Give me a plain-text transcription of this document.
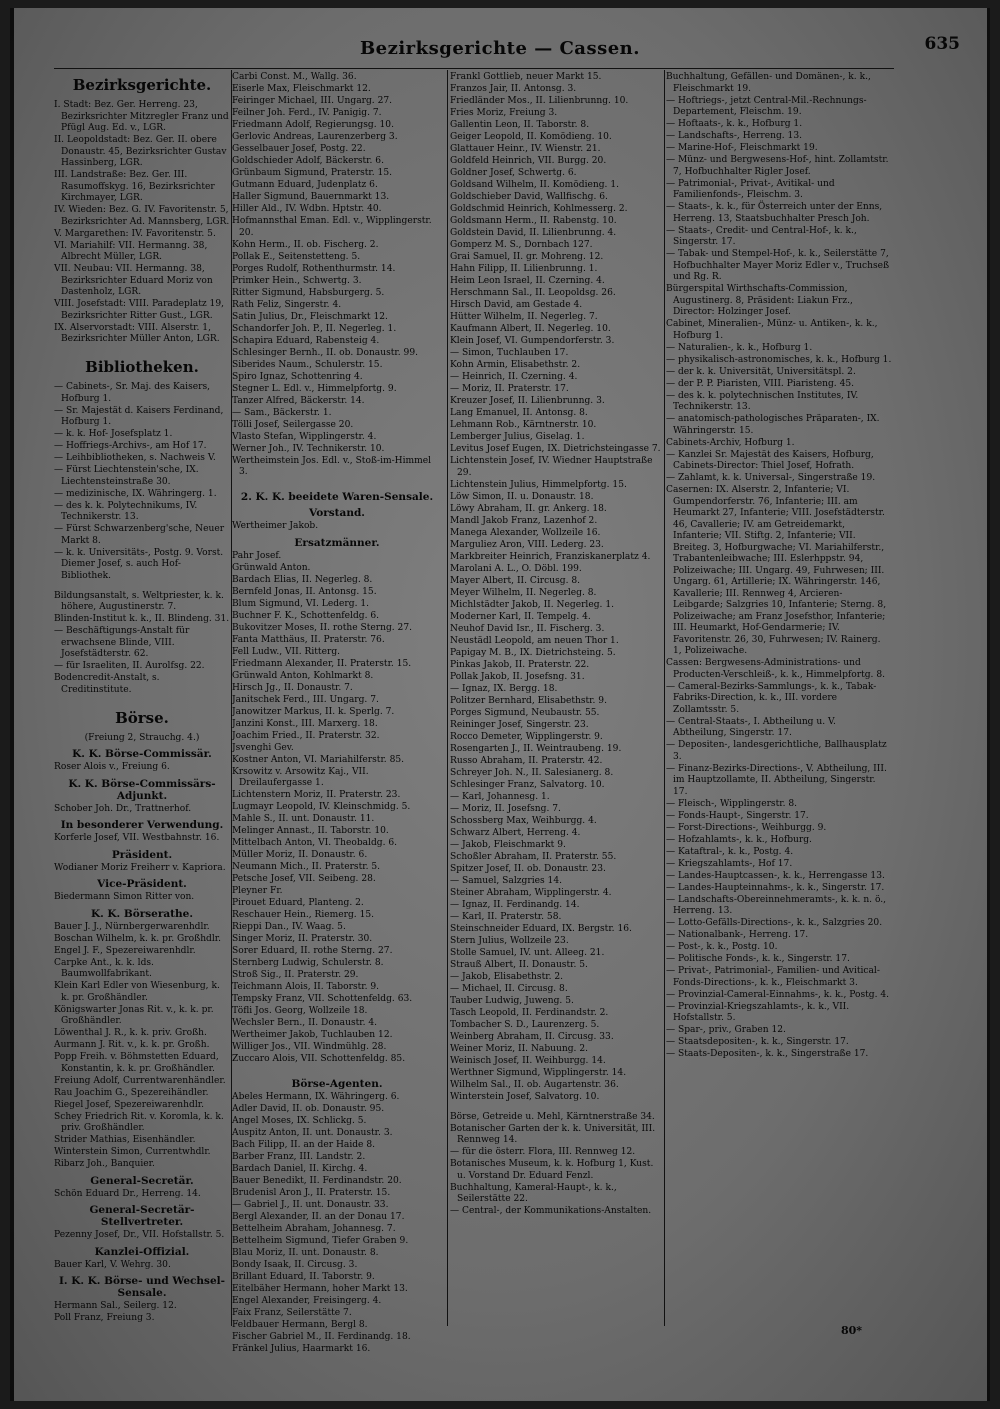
Bezirksgerichte — Cassen.	635
Bezirksgerichte.

I. Stadt: Bez. Ger. Herreng. 23, Bezirksrichter Mitzregler Franz und Pfügl Aug. Ed. v., LGR.

II. Leopoldstadt: Bez. Ger. II. obere Donaustr. 45, Bezirksrichter Gustav Hassinberg, LGR.

III. Landstraße: Bez. Ger. III. Rasumoffskyg. 16, Bezirksrichter Kirchmayer, LGR.

IV. Wieden: Bez. G. IV. Favoritenstr. 5, Bezirksrichter Ad. Mannsberg, LGR.

V. Margarethen: IV. Favoritenstr. 5.

VI. Mariahilf: VII. Hermanng. 38, Albrecht Müller, LGR.

VII. Neubau: VII. Hermanng. 38, Bezirksrichter Eduard Moriz von Dastenholz, LGR.

VIII. Josefstadt: VIII. Paradeplatz 19, Bezirksrichter Ritter Gust., LGR.

IX. Alservorstadt: VIII. Alserstr. 1, Bezirksrichter Müller Anton, LGR.

Bibliotheken.

— Cabinets-, Sr. Maj. des Kaisers, Hofburg 1.

— Sr. Majestät d. Kaisers Ferdinand, Hofburg 1.

— k. k. Hof- Josefsplatz 1.

— Hoffriegs-Archivs-, am Hof 17.

— Leihbibliotheken, s. Nachweis V.

— Fürst Liechtenstein'sche, IX. Liechtensteinstraße 30.

— medizinische, IX. Währingerg. 1.

— des k. k. Polytechnikums, IV. Technikerstr. 13.

— Fürst Schwarzenberg'sche, Neuer Markt 8.

— k. k. Universitäts-, Postg. 9. Vorst. Diemer Josef, s. auch Hof-Bibliothek.

Bildungsanstalt, s. Weltpriester, k. k. höhere, Augustinerstr. 7.

Blinden-Institut k. k., II. Blindeng. 31.

— Beschäftigungs-Anstalt für erwachsene Blinde, VIII. Josefstädterstr. 62.

— für Israeliten, II. Aurolfsg. 22.

Bodencredit-Anstalt, s. Creditinstitute.

Börse.

(Freiung 2, Strauchg. 4.)

K. K. Börse-Commissär.

Roser Alois v., Freiung 6.

K. K. Börse-Commissärs-Adjunkt.

Schober Joh. Dr., Trattnerhof.

In besonderer Verwendung.

Korferle Josef, VII. Westbahnstr. 16.

Präsident.

Wodianer Moriz Freiherr v. Kapriora.

Vice-Präsident.

Biedermann Simon Ritter von.

K. K. Börserathe.

Bauer J. J., Nürnbergerwarenhdlr.

Boschan Wilhelm, k. k. pr. Großhdlr.

Engel J. F., Spezereiwarenhdlr.

Carpke Ant., k. k. lds. Baumwollfabrikant.

Klein Karl Edler von Wiesenburg, k. k. pr. Großhändler.

Königswarter Jonas Rit. v., k. k. pr. Großhändler.

Löwenthal J. R., k. k. priv. Großh.

Aurmann J. Rit. v., k. k. pr. Großh.

Popp Freih. v. Böhmstetten Eduard, Konstantin, k. k. pr. Großhändler.

Freiung Adolf, Currentwarenhändler.

Rau Joachim G., Spezereihändler.

Riegel Josef, Spezereiwarenhdlr.

Schey Friedrich Rit. v. Koromla, k. k. priv. Großhändler.

Strider Mathias, Eisenhändler.

Winterstein Simon, Currentwhdlr.

Ribarz Joh., Banquier.

General-Secretär.

Schön Eduard Dr., Herreng. 14.

General-Secretär-Stellvertreter.

Pezenny Josef, Dr., VII. Hofstallstr. 5.

Kanzlei-Offizial.

Bauer Karl, V. Wehrg. 30.

I. K. K. Börse- und Wechsel-Sensale.

Hermann Sal., Seilerg. 12.

Poll Franz, Freiung 3.

Carbi Const. M., Wallg. 36.

Eiserle Max, Fleischmarkt 12.

Feiringer Michael, III. Ungarg. 27.

Feilner Joh. Ferd., IV. Panigig. 7.

Friedmann Adolf, Regierungsg. 10.

Gerlovic Andreas, Laurenzerberg 3.

Gesselbauer Josef, Postg. 22.

Goldschieder Adolf, Bäckerstr. 6.

Grünbaum Sigmund, Praterstr. 15.

Gutmann Eduard, Judenplatz 6.

Haller Sigmund, Bauernmarkt 13.

Hiller Ald., IV. Wdbn. Hptstr. 40.

Hofmannsthal Eman. Edl. v., Wipplingerstr. 20.

Kohn Herm., II. ob. Fischerg. 2.

Pollak E., Seitenstetteng. 5.

Porges Rudolf, Rothenthurmstr. 14.

Primker Hein., Schwertg. 3.

Ritter Sigmund, Habsburgerg. 5.

Rath Feliz, Singerstr. 4.

Satin Julius, Dr., Fleischmarkt 12.

Schandorfer Joh. P., II. Negerleg. 1.

Schapira Eduard, Rabensteig 4.

Schlesinger Bernh., II. ob. Donaustr. 99.

Siberides Naum., Schulerstr. 15.

Spiro Ignaz, Schottenring 4.

Stegner L. Edl. v., Himmelpfortg. 9.

Tanzer Alfred, Bäckerstr. 14.

— Sam., Bäckerstr. 1.

Tölli Josef, Seilergasse 20.

Vlasto Stefan, Wipplingerstr. 4.

Werner Joh., IV. Technikerstr. 10.

Wertheimstein Jos. Edl. v., Stoß-im-Himmel 3.

2. K. K. beeidete Waren-Sensale.
Vorstand.

Wertheimer Jakob.

Ersatzmänner.

Pahr Josef.

Grünwald Anton.

Bardach Elias, II. Negerleg. 8.

Bernfeld Jonas, II. Antonsg. 15.

Blum Sigmund, VI. Lederg. 1.

Buchner F. K., Schottenfeldg. 6.

Bukovitzer Moses, II. rothe Sterng. 27.

Fanta Matthäus, II. Praterstr. 76.

Fell Ludw., VII. Ritterg.

Friedmann Alexander, II. Praterstr. 15.

Grünwald Anton, Kohlmarkt 8.

Hirsch Jg., II. Donaustr. 7.

Janitschek Ferd., III. Ungarg. 7.

Janowitzer Markus, II. k. Sperlg. 7.

Janzini Konst., III. Marxerg. 18.

Joachim Fried., II. Praterstr. 32.

Jsvenghi Gev.

Kostner Anton, VI. Mariahilferstr. 85.

Krsowitz v. Arsowitz Kaj., VII. Dreilaufergasse 1.

Lichtenstern Moriz, II. Praterstr. 23.

Lugmayr Leopold, IV. Kleinschmidg. 5.

Mahle S., II. unt. Donaustr. 11.

Melinger Annast., II. Taborstr. 10.

Mittelbach Anton, VI. Theobaldg. 6.

Müller Moriz, II. Donaustr. 6.

Neumann Mich., II. Praterstr. 5.

Petsche Josef, VII. Seibeng. 28.

Pleyner Fr.

Pirouet Eduard, Planteng. 2.

Reschauer Hein., Riemerg. 15.

Rieppi Dan., IV. Waag. 5.

Singer Moriz, II. Praterstr. 30.

Sorer Eduard, II. rothe Sterng. 27.

Sternberg Ludwig, Schulerstr. 8.

Stroß Sig., II. Praterstr. 29.

Teichmann Alois, II. Taborstr. 9.

Tempsky Franz, VII. Schottenfeldg. 63.

Töfli Jos. Georg, Wollzeile 18.

Wechsler Bern., II. Donaustr. 4.

Wertheimer Jakob, Tuchlauben 12.

Williger Jos., VII. Windmühlg. 28.

Zuccaro Alois, VII. Schottenfeldg. 85.

Börse-Agenten.

Abeles Hermann, IX. Währingerg. 6.

Adler David, II. ob. Donaustr. 95.

Angel Moses, IX. Schlickg. 5.

Auspitz Anton, II. unt. Donaustr. 3.

Bach Filipp, II. an der Haide 8.

Barber Franz, III. Landstr. 2.

Bardach Daniel, II. Kirchg. 4.

Bauer Benedikt, II. Ferdinandstr. 20.

Brudenisl Aron J., II. Praterstr. 15.

— Gabriel J., II. unt. Donaustr. 33.

Bergl Alexander, II. an der Donau 17.

Bettelheim Abraham, Johannesg. 7.

Bettelheim Sigmund, Tiefer Graben 9.

Blau Moriz, II. unt. Donaustr. 8.

Bondy Isaak, II. Circusg. 3.

Brillant Eduard, II. Taborstr. 9.

Eitelbäher Hermann, hoher Markt 13.

Engel Alexander, Freisingerg. 4.

Faix Franz, Seilerstätte 7.

Feldbauer Hermann, Bergl 8.

Fischer Gabriel M., II. Ferdinandg. 18.

Fränkel Julius, Haarmarkt 16.

Frankl Gottlieb, neuer Markt 15.

Franzos Jair, II. Antonsg. 3.

Friedländer Mos., II. Lilienbrunng. 10.

Fries Moriz, Freiung 3.

Gallentin Leon, II. Taborstr. 8.

Geiger Leopold, II. Komödieng. 10.

Glattauer Heinr., IV. Wienstr. 21.

Goldfeld Heinrich, VII. Burgg. 20.

Goldner Josef, Schwertg. 6.

Goldsand Wilhelm, II. Komödieng. 1.

Goldschieber David, Wallfischg. 6.

Goldschmid Heinrich, Kohlmesserg. 2.

Goldsmann Herm., II. Rabenstg. 10.

Goldstein David, II. Lilienbrunng. 4.

Gomperz M. S., Dornbach 127.

Grai Samuel, II. gr. Mohreng. 12.

Hahn Filipp, II. Lilienbrunng. 1.

Heim Leon Israel, II. Czerning. 4.

Herschmann Sal., II. Leopoldsg. 26.

Hirsch David, am Gestade 4.

Hütter Wilhelm, II. Negerleg. 7.

Kaufmann Albert, II. Negerleg. 10.

Klein Josef, VI. Gumpendorferstr. 3.

— Simon, Tuchlauben 17.

Kohn Armin, Elisabethstr. 2.

— Heinrich, II. Czerning. 4.

— Moriz, II. Praterstr. 17.

Kreuzer Josef, II. Lilienbrunng. 3.

Lang Emanuel, II. Antonsg. 8.

Lehmann Rob., Kärntnerstr. 10.

Lemberger Julius, Giselag. 1.

Levitus Josef Eugen, IX. Dietrichsteingasse 7.

Lichtenstein Josef, IV. Wiedner Hauptstraße 29.

Lichtenstein Julius, Himmelpfortg. 15.

Löw Simon, II. u. Donaustr. 18.

Löwy Abraham, II. gr. Ankerg. 18.

Mandl Jakob Franz, Lazenhof 2.

Manega Alexander, Wollzeile 16.

Marguliez Aron, VIII. Lederg. 23.

Markbreiter Heinrich, Franziskanerplatz 4.

Marolani A. L., O. Döbl. 199.

Mayer Albert, II. Circusg. 8.

Meyer Wilhelm, II. Negerleg. 8.

Michlstädter Jakob, II. Negerleg. 1.

Moderner Karl, II. Tempelg. 4.

Neuhof David Isr., II. Fischerg. 3.

Neustädl Leopold, am neuen Thor 1.

Papigay M. B., IX. Dietrichsteing. 5.

Pinkas Jakob, II. Praterstr. 22.

Pollak Jakob, II. Josefsng. 31.

— Ignaz, IX. Bergg. 18.

Politzer Bernhard, Elisabethstr. 9.

Porges Sigmund, Neubaustr. 55.

Reininger Josef, Singerstr. 23.

Rocco Demeter, Wipplingerstr. 9.

Rosengarten J., II. Weintraubeng. 19.

Russo Abraham, II. Praterstr. 42.

Schreyer Joh. N., II. Salesianerg. 8.

Schlesinger Franz, Salvatorg. 10.

— Karl, Johannesg. 1.

— Moriz, II. Josefsng. 7.

Schossberg Max, Weihburgg. 4.

Schwarz Albert, Herreng. 4.

— Jakob, Fleischmarkt 9.

Schoßler Abraham, II. Praterstr. 55.

Spitzer Josef, II. ob. Donaustr. 23.

— Samuel, Salzgries 14.

Steiner Abraham, Wipplingerstr. 4.

— Ignaz, II. Ferdinandg. 14.

— Karl, II. Praterstr. 58.

Steinschneider Eduard, IX. Bergstr. 16.

Stern Julius, Wollzeile 23.

Stolle Samuel, IV. unt. Alleeg. 21.

Strauß Albert, II. Donaustr. 5.

— Jakob, Elisabethstr. 2.

— Michael, II. Circusg. 8.

Tauber Ludwig, Juweng. 5.

Tasch Leopold, II. Ferdinandstr. 2.

Tombacher S. D., Laurenzerg. 5.

Weinberg Abraham, II. Circusg. 33.

Weiner Moriz, II. Nabuung. 2.

Weinisch Josef, II. Weihburgg. 14.

Werthner Sigmund, Wipplingerstr. 14.

Wilhelm Sal., II. ob. Augartenstr. 36.

Winterstein Josef, Salvatorg. 10.

Börse, Getreide u. Mehl, Kärntnerstraße 34.

Botanischer Garten der k. k. Universität, III. Rennweg 14.

— für die österr. Flora, III. Rennweg 12.

Botanisches Museum, k. k. Hofburg 1, Kust. u. Vorstand Dr. Eduard Fenzl.

Buchhaltung, Kameral-Haupt-, k. k., Seilerstätte 22.

— Central-, der Kommunikations-Anstalten.

Buchhaltung, Gefällen- und Domänen-, k. k., Fleischmarkt 19.

— Hoftriegs-, jetzt Central-Mil.-Rechnungs-Departement, Fleischm. 19.

— Hoftaats-, k. k., Hofburg 1.

— Landschafts-, Herreng. 13.

— Marine-Hof-, Fleischmarkt 19.

— Münz- und Bergwesens-Hof-, hint. Zollamtstr. 7, Hofbuchhalter Rigler Josef.

— Patrimonial-, Privat-, Avitikal- und Familienfonds-, Fleischm. 3.

— Staats-, k. k., für Österreich unter der Enns, Herreng. 13, Staatsbuchhalter Presch Joh.

— Staats-, Credit- und Central-Hof-, k. k., Singerstr. 17.

— Tabak- und Stempel-Hof-, k. k., Seilerstätte 7, Hofbuchhalter Mayer Moriz Edler v., Truchseß und Rg. R.

Bürgerspital Wirthschafts-Commission, Augustinerg. 8, Präsident: Liakun Frz., Director: Holzinger Josef.

Cabinet, Mineralien-, Münz- u. Antiken-, k. k., Hofburg 1.

— Naturalien-, k. k., Hofburg 1.

— physikalisch-astronomisches, k. k., Hofburg 1.

— der k. k. Universität, Universitätspl. 2.

— der P. P. Piaristen, VIII. Piaristeng. 45.

— des k. k. polytechnischen Institutes, IV. Technikerstr. 13.

— anatomisch-pathologisches Präparaten-, IX. Währingerstr. 15.

Cabinets-Archiv, Hofburg 1.

— Kanzlei Sr. Majestät des Kaisers, Hofburg, Cabinets-Director: Thiel Josef, Hofrath.

— Zahlamt, k. k. Universal-, Singerstraße 19.

Casernen: IX. Alserstr. 2, Infanterie; VI. Gumpendorferstr. 76, Infanterie; III. am Heumarkt 27, Infanterie; VIII. Josefstädterstr. 46, Cavallerie; IV. am Getreidemarkt, Infanterie; VII. Stiftg. 2, Infanterie; VII. Breiteg. 3, Hofburgwache; VI. Mariahilferstr., Trabantenleibwache; III. Eslerhppstr. 94, Polizeiwache; III. Ungarg. 49, Fuhrwesen; III. Ungarg. 61, Artillerie; IX. Währingerstr. 146, Kavallerie; III. Rennweg 4, Arcieren-Leibgarde; Salzgries 10, Infanterie; Sterng. 8, Polizeiwache; am Franz Josefsthor, Infanterie; III. Heumarkt, Hof-Gendarmerie; IV. Favoritenstr. 26, 30, Fuhrwesen; IV. Rainerg. 1, Polizeiwache.

Cassen: Bergwesens-Administrations- und Producten-Verschleiß-, k. k., Himmelpfortg. 8.

— Cameral-Bezirks-Sammlungs-, k. k., Tabak-Fabriks-Direction, k. k., III. vordere Zollamtsstr. 5.

— Central-Staats-, I. Abtheilung u. V. Abtheilung, Singerstr. 17.

— Depositen-, landesgerichtliche, Ballhausplatz 3.

— Finanz-Bezirks-Directions-, V. Abtheilung, III. im Hauptzollamte, II. Abtheilung, Singerstr. 17.

— Fleisch-, Wipplingerstr. 8.

— Fonds-Haupt-, Singerstr. 17.

— Forst-Directions-, Weihburgg. 9.

— Hofzahlamts-, k. k., Hofburg.

— Kataftral-, k. k., Postg. 4.

— Kriegszahlamts-, Hof 17.

— Landes-Hauptcassen-, k. k., Herrengasse 13.

— Landes-Haupteinnahms-, k. k., Singerstr. 17.

— Landschafts-Obereinnehmeramts-, k. k. n. ö., Herreng. 13.

— Lotto-Gefälls-Directions-, k. k., Salzgries 20.

— Nationalbank-, Herreng. 17.

— Post-, k. k., Postg. 10.

— Politische Fonds-, k. k., Singerstr. 17.

— Privat-, Patrimonial-, Familien- und Avitical-Fonds-Directions-, k. k., Fleischmarkt 3.

— Provinzial-Cameral-Einnahms-, k. k., Postg. 4.

— Provinzial-Kriegszahlamts-, k. k., VII. Hofstallstr. 5.

— Spar-, priv., Graben 12.

— Staatsdepositen-, k. k., Singerstr. 17.

— Staats-Depositen-, k. k., Singerstraße 17.

80*
